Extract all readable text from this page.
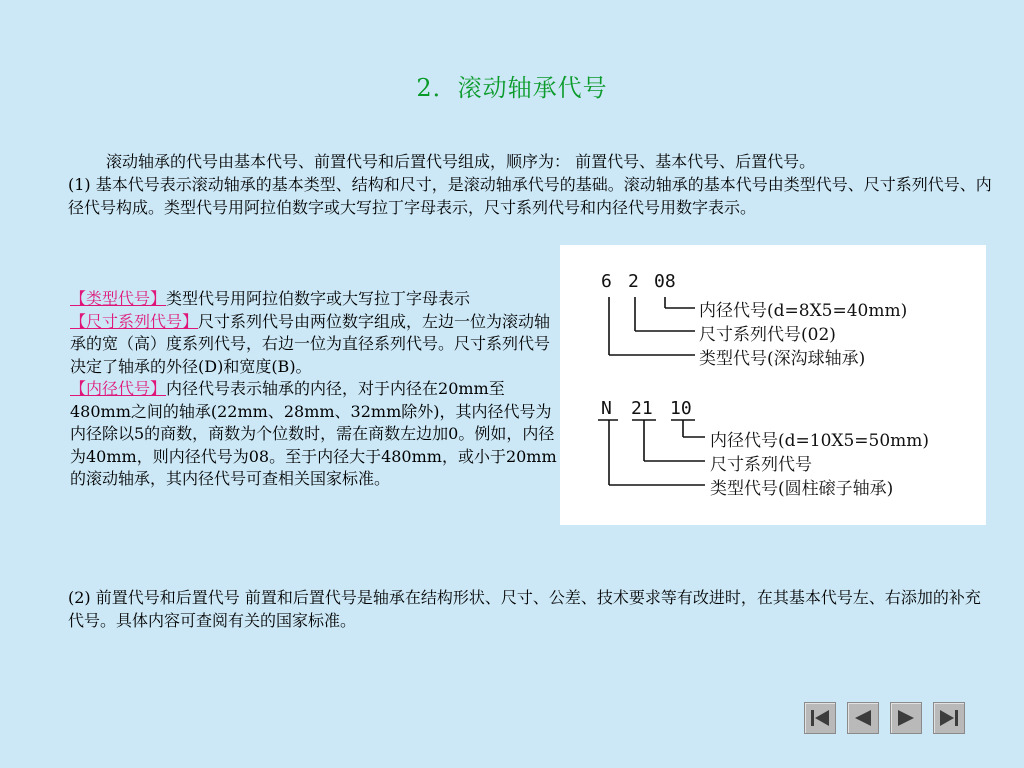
2．滚动轴承代号
滚动轴承的代号由基本代号、前置代号和后置代号组成，顺序为： 前置代号、基本代号、后置代号。
(1) 基本代号表示滚动轴承的基本类型、结构和尺寸，是滚动轴承代号的基础。滚动轴承的基本代号由类型代号、尺寸系列代号、内径代号构成。类型代号用阿拉伯数字或大写拉丁字母表示，尺寸系列代号和内径代号用数字表示。
【类型代号】类型代号用阿拉伯数字或大写拉丁字母表示
【尺寸系列代号】尺寸系列代号由两位数字组成，左边一位为滚动轴承的宽（高）度系列代号，右边一位为直径系列代号。尺寸系列代号决定了轴承的外径(D)和宽度(B)。
【内径代号】内径代号表示轴承的内径，对于内径在20mm至480mm之间的轴承(22mm、28mm、32mm除外)，其内径代号为内径除以5的商数，商数为个位数时，需在商数左边加0。例如，内径为40mm，则内径代号为08。至于内径大于480mm，或小于20mm的滚动轴承，其内径代号可查相关国家标准。
6 2 08
内径代号(d=8X5=40mm)
尺寸系列代号(02)
类型代号(深沟球轴承)
N 21 10
内径代号(d=10X5=50mm)
尺寸系列代号
类型代号(圆柱磙子轴承)
(2) 前置代号和后置代号 前置和后置代号是轴承在结构形状、尺寸、公差、技术要求等有改进时，在其基本代号左、右添加的补充代号。具体内容可查阅有关的国家标准。
